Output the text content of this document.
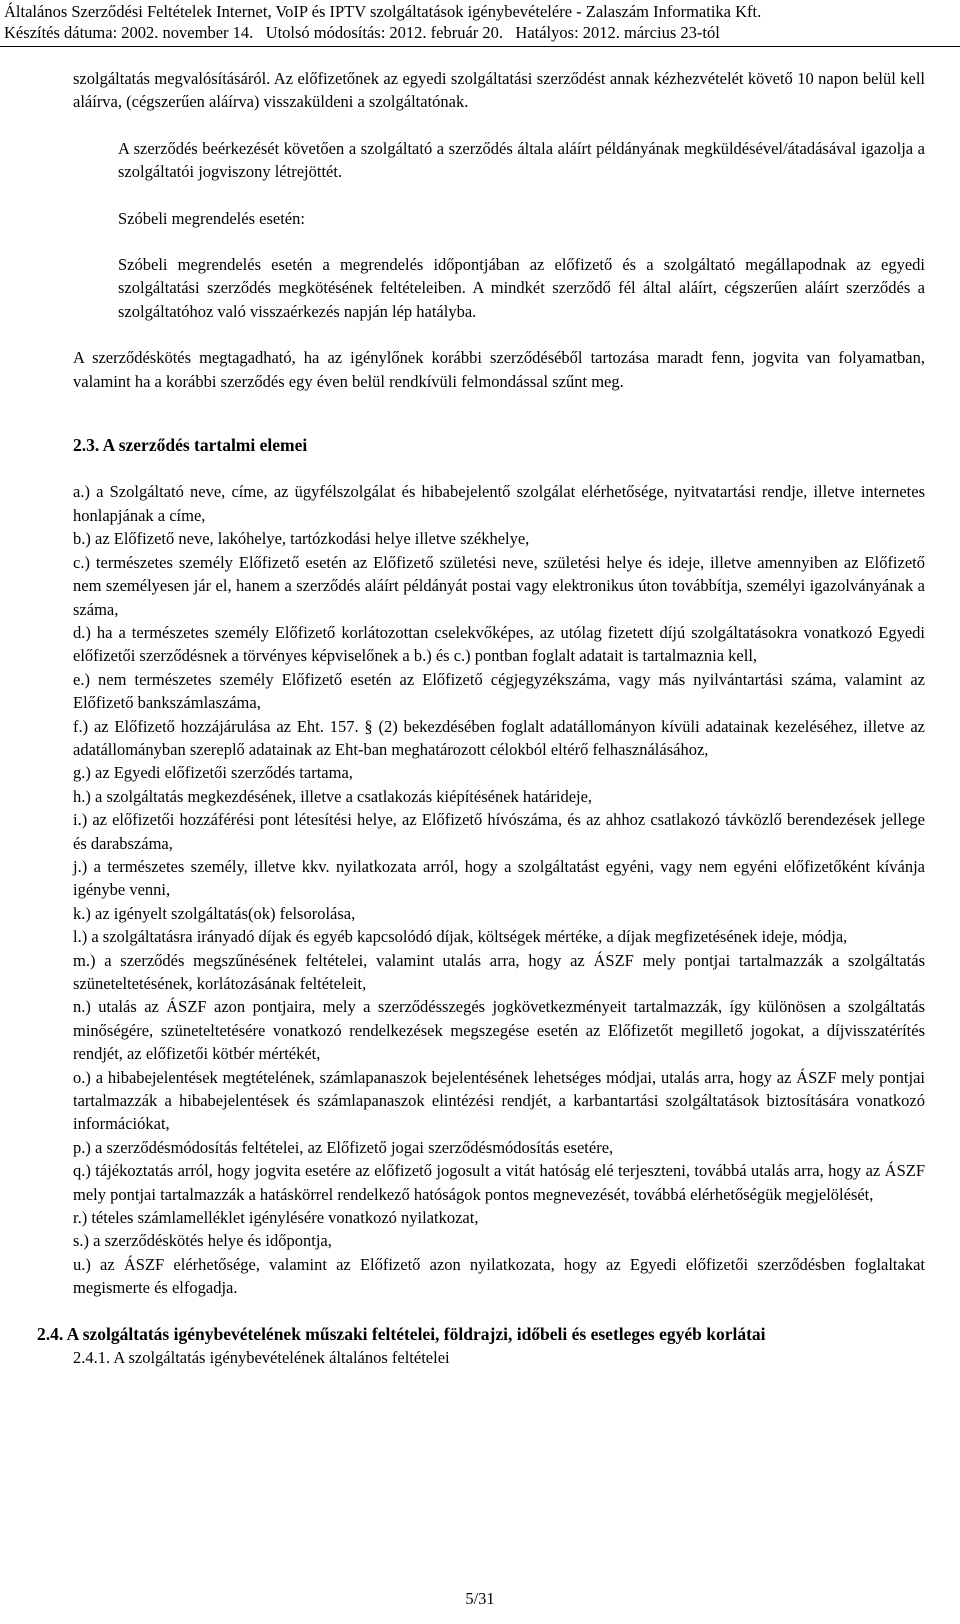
Általános Szerződési Feltételek Internet, VoIP és IPTV szolgáltatások igénybevételére - Zalaszám Informatika Kft.
Készítés dátuma: 2002. november 14.   Utolsó módosítás: 2012. február 20.   Hatályos: 2012. március 23-tól

szolgáltatás megvalósításáról. Az előfizetőnek az egyedi szolgáltatási szerződést annak kézhezvételét követő 10 napon belül kell aláírva, (cégszerűen aláírva) visszaküldeni a szolgáltatónak.

A szerződés beérkezését követően a szolgáltató a szerződés általa aláírt példányának megküldésével/átadásával igazolja a szolgáltatói jogviszony létrejöttét.

Szóbeli megrendelés esetén:

Szóbeli megrendelés esetén a megrendelés időpontjában az előfizető és a szolgáltató megállapodnak az egyedi szolgáltatási szerződés megkötésének feltételeiben. A mindkét szerződő fél által aláírt, cégszerűen aláírt szerződés a szolgáltatóhoz való visszaérkezés napján lép hatályba.

A szerződéskötés megtagadható, ha az igénylőnek korábbi szerződéséből tartozása maradt fenn, jogvita van folyamatban, valamint ha a korábbi szerződés egy éven belül rendkívüli felmondással szűnt meg.

2.3. A szerződés tartalmi elemei

a.) a Szolgáltató neve, címe, az ügyfélszolgálat és hibabejelentő szolgálat elérhetősége, nyitvatartási rendje, illetve internetes honlapjának a címe,

b.) az Előfizető neve, lakóhelye, tartózkodási helye illetve székhelye,

c.) természetes személy Előfizető esetén az Előfizető születési neve, születési helye és ideje, illetve amennyiben az Előfizető nem személyesen jár el, hanem a szerződés aláírt példányát postai vagy elektronikus úton továbbítja, személyi igazolványának a száma,

d.) ha a természetes személy Előfizető korlátozottan cselekvőképes, az utólag fizetett díjú szolgáltatásokra vonatkozó Egyedi előfizetői szerződésnek a törvényes képviselőnek a b.) és c.) pontban foglalt adatait is tartalmaznia kell,

e.) nem természetes személy Előfizető esetén az Előfizető cégjegyzékszáma, vagy más nyilvántartási száma, valamint az Előfizető bankszámlaszáma,

f.) az Előfizető hozzájárulása az Eht. 157. § (2) bekezdésében foglalt adatállományon kívüli adatainak kezeléséhez, illetve az adatállományban szereplő adatainak az Eht-ban meghatározott célokból eltérő felhasználásához,

g.) az Egyedi előfizetői szerződés tartama,

h.) a szolgáltatás megkezdésének, illetve a csatlakozás kiépítésének határideje,

i.) az előfizetői hozzáférési pont létesítési helye, az Előfizető hívószáma, és az ahhoz csatlakozó távközlő berendezések jellege és darabszáma,

j.) a természetes személy, illetve kkv. nyilatkozata arról, hogy a szolgáltatást egyéni, vagy nem egyéni előfizetőként kívánja igénybe venni,

k.) az igényelt szolgáltatás(ok) felsorolása,

l.) a szolgáltatásra irányadó díjak és egyéb kapcsolódó díjak, költségek mértéke, a díjak megfizetésének ideje, módja,

m.) a szerződés megszűnésének feltételei, valamint utalás arra, hogy az ÁSZF mely pontjai tartalmazzák a szolgáltatás szüneteltetésének, korlátozásának feltételeit,

n.) utalás az ÁSZF azon pontjaira, mely a szerződésszegés jogkövetkezményeit tartalmazzák, így különösen a szolgáltatás minőségére, szüneteltetésére vonatkozó rendelkezések megszegése esetén az Előfizetőt megillető jogokat, a díjvisszatérítés rendjét, az előfizetői kötbér mértékét,

o.) a hibabejelentések megtételének, számlapanaszok bejelentésének lehetséges módjai, utalás arra, hogy az ÁSZF mely pontjai tartalmazzák a hibabejelentések és számlapanaszok elintézési rendjét, a karbantartási szolgáltatások biztosítására vonatkozó információkat,

p.) a szerződésmódosítás feltételei, az Előfizető jogai szerződésmódosítás esetére,

q.) tájékoztatás arról, hogy jogvita esetére az előfizető jogosult a vitát hatóság elé terjeszteni, továbbá utalás arra, hogy az ÁSZF mely pontjai tartalmazzák a hatáskörrel rendelkező hatóságok pontos megnevezését, továbbá elérhetőségük megjelölését,

r.) tételes számlamelléklet igénylésére vonatkozó nyilatkozat,

s.) a szerződéskötés helye és időpontja,

u.) az ÁSZF elérhetősége, valamint az Előfizető azon nyilatkozata, hogy az Egyedi előfizetői szerződésben foglaltakat megismerte és elfogadja.

2.4. A szolgáltatás igénybevételének műszaki feltételei, földrajzi, időbeli és esetleges egyéb korlátai

2.4.1. A szolgáltatás igénybevételének általános feltételei

5/31
